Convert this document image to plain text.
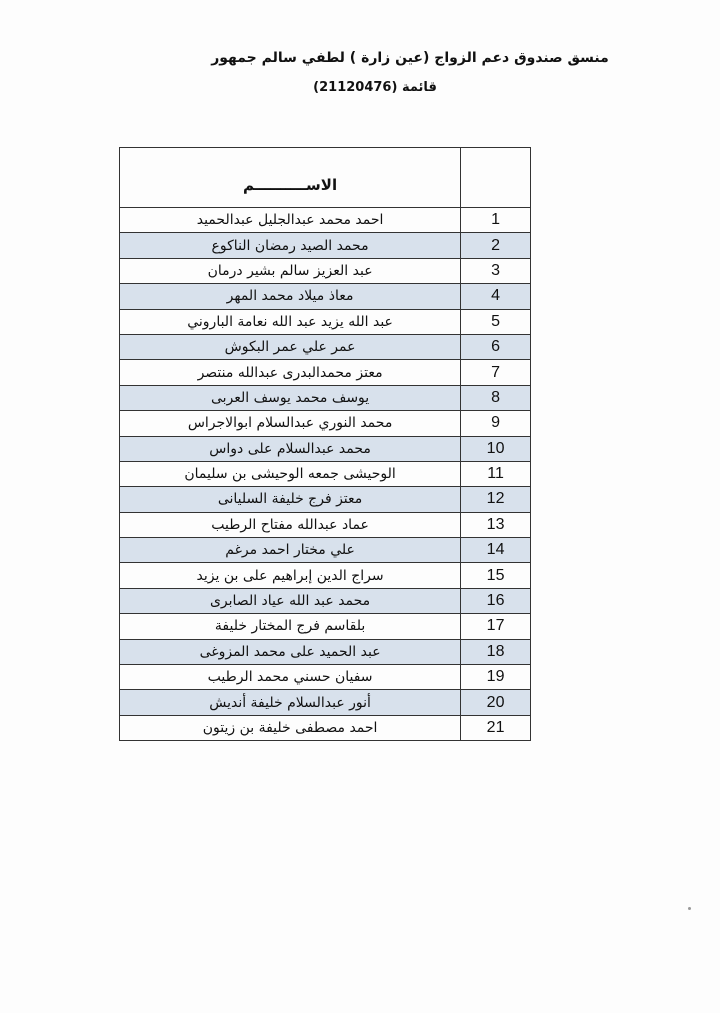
منسق صندوق دعم الزواج (عين زارة ) لطفي سالم جمهور
قائمة (21120476)
الاســــــــــم	
احمد محمد عبدالجليل عبدالحميد	1
محمد الصيد رمضان الناكوع	2
عبد العزيز سالم بشير درمان	3
معاذ ميلاد محمد المهر	4
عبد الله يزيد عبد الله نعامة الباروني	5
عمر علي عمر البكوش	6
معتز محمدالبدرى عبدالله منتصر	7
يوسف محمد يوسف العربى	8
محمد النوري عبدالسلام ابوالاجراس	9
محمد عبدالسلام على دواس	10
الوحيشى جمعه الوحيشى بن سليمان	11
معتز فرج خليفة السليانى	12
عماد عبدالله مفتاح الرطيب	13
علي مختار احمد مرغم	14
سراج الدين إبراهيم على بن يزيد	15
محمد عبد الله عياد الصابرى	16
بلقاسم فرج المختار خليفة	17
عبد الحميد على محمد المزوغى	18
سفيان حسني محمد الرطيب	19
أنور عبدالسلام خليفة أنديش	20
احمد مصطفى خليفة بن زيتون	21
